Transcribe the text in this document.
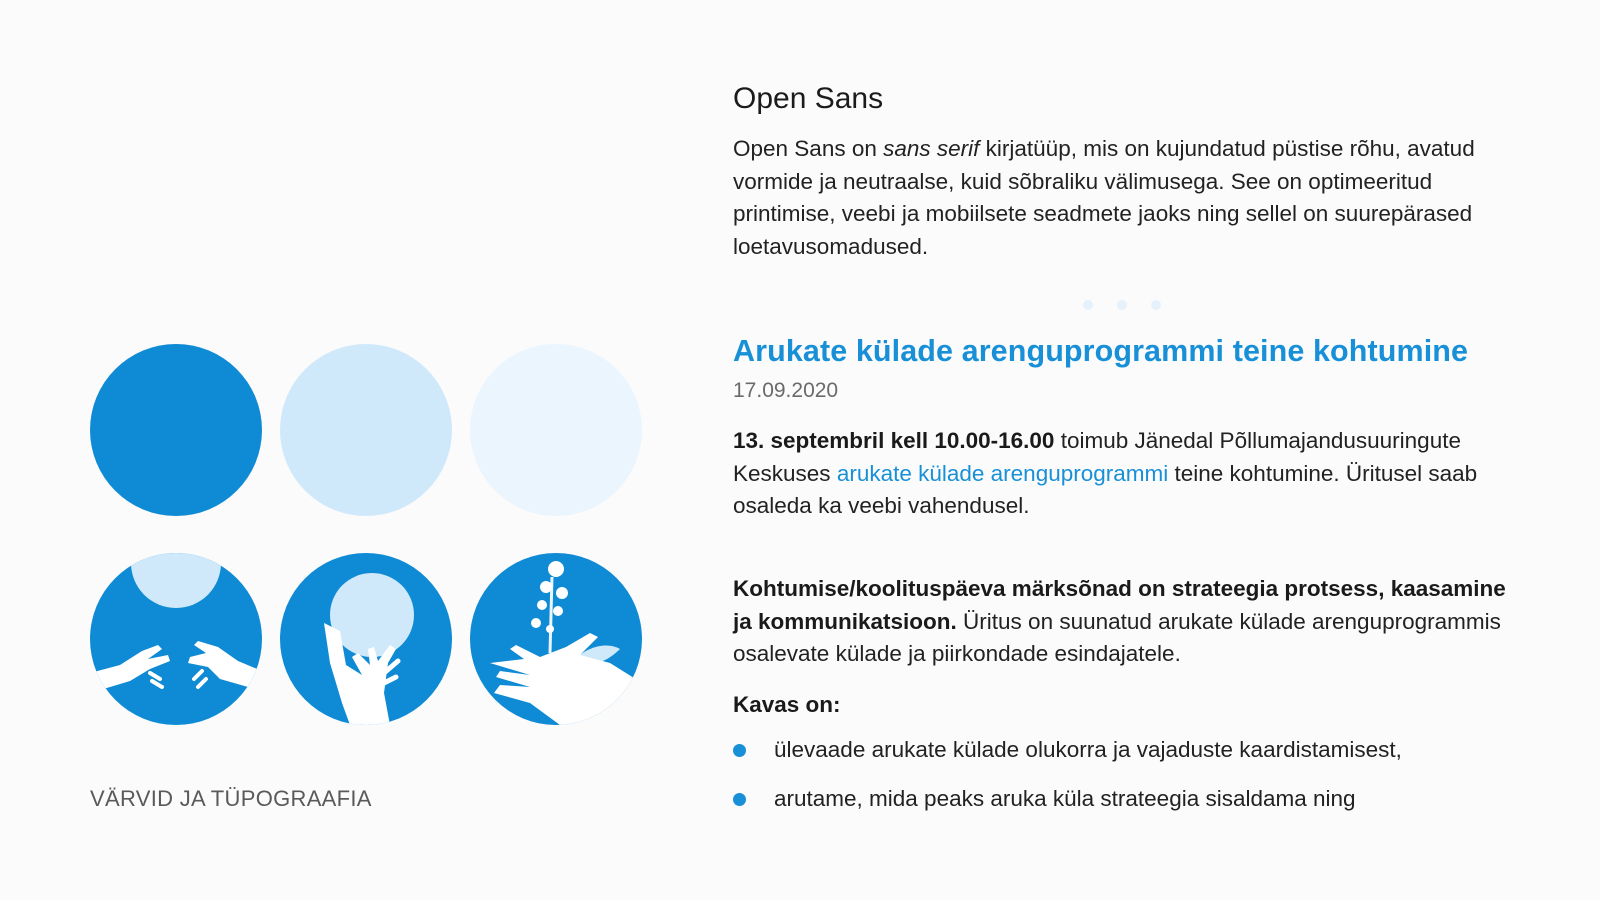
VÄRVID JA TÜPOGRAAFIA
Open Sans
Open Sans on sans serif kirjatüüp, mis on kujundatud püstise rõhu, avatud vormide ja neutraalse, kuid sõbraliku välimusega. See on optimeeritud printimise, veebi ja mobiilsete seadmete jaoks ning sellel on suurepärased loetavusomadused.
Arukate külade arenguprogrammi teine kohtumine
17.09.2020
13. septembril kell 10.00-16.00 toimub Jänedal Põllumajandusuuringute Keskuses arukate külade arenguprogrammi teine kohtumine. Üritusel saab osaleda ka veebi vahendusel.
Kohtumise/koolituspäeva märksõnad on strateegia protsess, kaasamine ja kommunikatsioon. Üritus on suunatud arukate külade arenguprogrammis osalevate külade ja piirkondade esindajatele.
Kavas on:
ülevaade arukate külade olukorra ja vajaduste kaardistamisest,
arutame, mida peaks aruka küla strateegia sisaldama ning
